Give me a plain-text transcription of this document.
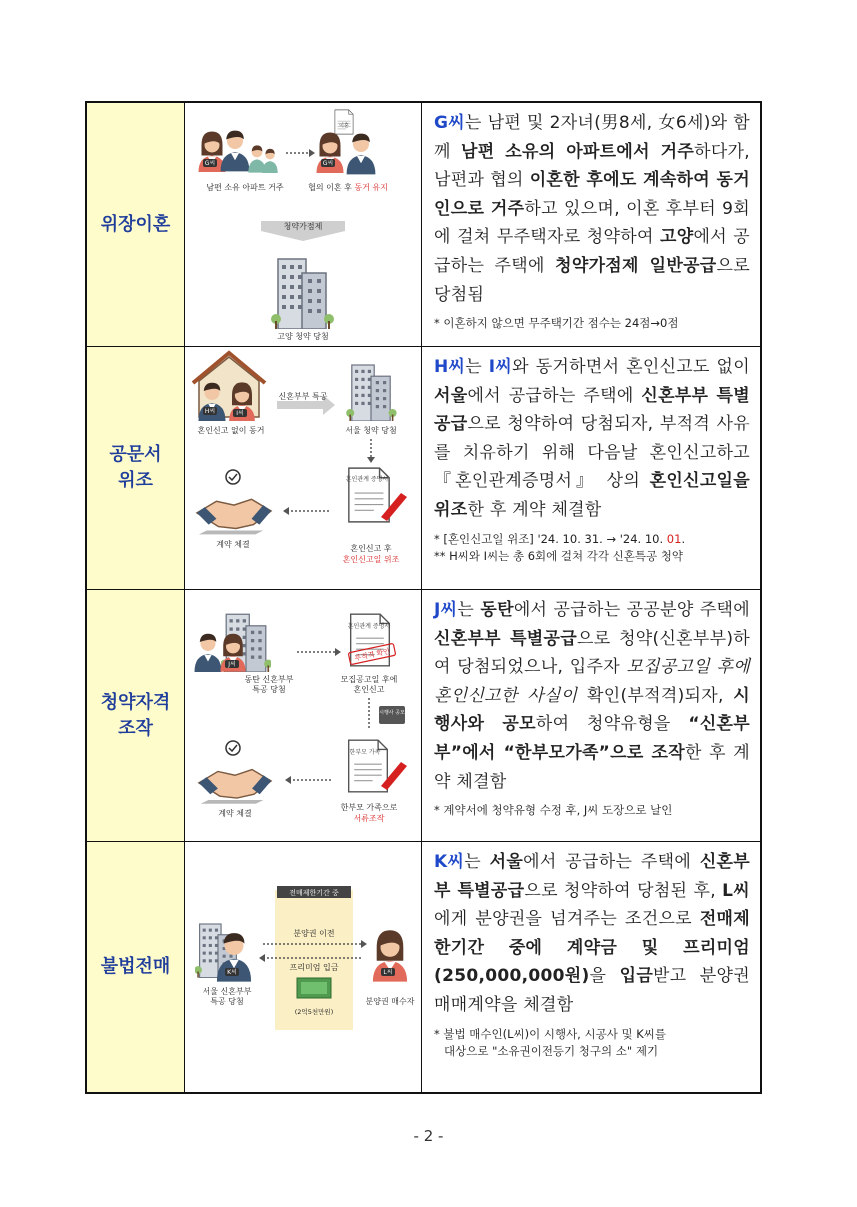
위장이혼
G씨
이혼
G씨
남편 소유 아파트 거주	협의 이혼 후 동거 유지
청약가점제
고양 청약 당첨
G씨는 남편 및 2자녀(男8세, 女6세)와 함께 남편 소유의 아파트에서 거주하다가, 남편과 협의 이혼한 후에도 계속하여 동거인으로 거주하고 있으며, 이혼 후부터 9회에 걸쳐 무주택자로 청약하여 고양에서 공급하는 주택에 청약가점제 일반공급으로 당첨됨
* 이혼하지 않으면 무주택기간 점수는 24점→0점
공문서
위조
H씨	I씨
혼인신고 없이 동거
신혼부부 특공
서울 청약 당첨
계약 체결
혼인관계 증명서
혼인신고 후
혼인신고일 위조
H씨는 I씨와 동거하면서 혼인신고도 없이 서울에서 공급하는 주택에 신혼부부 특별공급으로 청약하여 당첨되자, 부적격 사유를 치유하기 위해 다음날 혼인신고하고 『혼인관계증명서』 상의 혼인신고일을 위조한 후 계약 체결함
* [혼인신고일 위조] '24. 10. 31. → '24. 10. 01.
** H씨와 I씨는 총 6회에 걸쳐 각각 신혼특공 청약
청약자격
조작
J씨
동탄 신혼부부
특공 당첨
혼인관계 증명서
부적격 확인
모집공고일 후에
혼인신고
시행사 공모
계약 체결
한부모 가족
한부모 가족으로
서류조작
J씨는 동탄에서 공급하는 공공분양 주택에 신혼부부 특별공급으로 청약(신혼부부)하여 당첨되었으나, 입주자 모집공고일 후에 혼인신고한 사실이 확인(부적격)되자, 시행사와 공모하여 청약유형을 “신혼부부”에서 “한부모가족”으로 조작한 후 계약 체결함
* 계약서에 청약유형 수정 후, J씨 도장으로 날인
불법전매
전매제한기간 중
K씨
서울 신혼부부
특공 당첨
분양권 이전
프리미엄 입금
(2억5천만원)
L씨
분양권 매수자
K씨는 서울에서 공급하는 주택에 신혼부부 특별공급으로 청약하여 당첨된 후, L씨에게 분양권을 넘겨주는 조건으로 전매제한기간 중에 계약금 및 프리미엄(250,000,000원)을 입금받고 분양권 매매계약을 체결함
* 불법 매수인(L씨)이 시행사, 시공사 및 K씨를
대상으로 "소유권이전등기 청구의 소" 제기
- 2 -
